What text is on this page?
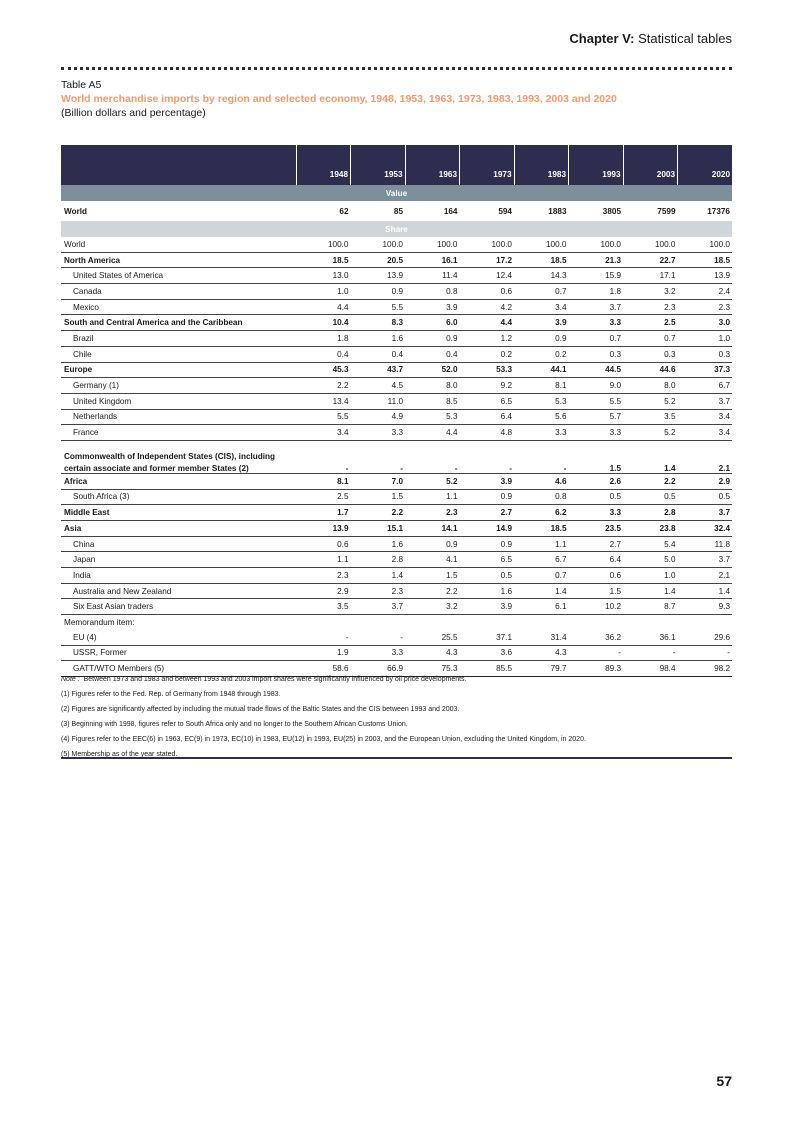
Chapter V: Statistical tables
Table A5
World merchandise imports by region and selected economy, 1948, 1953, 1963, 1973, 1983, 1993, 2003 and 2020
(Billion dollars and percentage)
	1948	1953	1963	1973	1983	1993	2003	2020
Value								
World	62	85	164	594	1883	3805	7599	17376
Share								
World	100.0	100.0	100.0	100.0	100.0	100.0	100.0	100.0
North America	18.5	20.5	16.1	17.2	18.5	21.3	22.7	18.5
United States of America	13.0	13.9	11.4	12.4	14.3	15.9	17.1	13.9
Canada	1.0	0.9	0.8	0.6	0.7	1.8	3.2	2.4
Mexico	4.4	5.5	3.9	4.2	3.4	3.7	2.3	2.3
South and Central America and the Caribbean	10.4	8.3	6.0	4.4	3.9	3.3	2.5	3.0
Brazil	1.8	1.6	0.9	1.2	0.9	0.7	0.7	1.0
Chile	0.4	0.4	0.4	0.2	0.2	0.3	0.3	0.3
Europe	45.3	43.7	52.0	53.3	44.1	44.5	44.6	37.3
Germany (1)	2.2	4.5	8.0	9.2	8.1	9.0	8.0	6.7
United Kingdom	13.4	11.0	8.5	6.5	5.3	5.5	5.2	3.7
Netherlands	5.5	4.9	5.3	6.4	5.6	5.7	3.5	3.4
France	3.4	3.3	4.4	4.8	3.3	3.3	5.2	3.4

Commonwealth of Independent States (CIS), including								
certain associate and former member States (2)	-	-	-	-	-	1.5	1.4	2.1
Africa	8.1	7.0	5.2	3.9	4.6	2.6	2.2	2.9
South Africa (3)	2.5	1.5	1.1	0.9	0.8	0.5	0.5	0.5
Middle East	1.7	2.2	2.3	2.7	6.2	3.3	2.8	3.7
Asia	13.9	15.1	14.1	14.9	18.5	23.5	23.8	32.4
China	0.6	1.6	0.9	0.9	1.1	2.7	5.4	11.8
Japan	1.1	2.8	4.1	6.5	6.7	6.4	5.0	3.7
India	2.3	1.4	1.5	0.5	0.7	0.6	1.0	2.1
Australia and New Zealand	2.9	2.3	2.2	1.6	1.4	1.5	1.4	1.4
Six East Asian traders	3.5	3.7	3.2	3.9	6.1	10.2	8.7	9.3
Memorandum item:								
EU (4)	-	-	25.5	37.1	31.4	36.2	36.1	29.6
USSR, Former	1.9	3.3	4.3	3.6	4.3	-	-	-
GATT/WTO Members (5)	58.6	66.9	75.3	85.5	79.7	89.3	98.4	98.2
Note : Between 1973 and 1983 and between 1993 and 2003 import shares were significantly influenced by oil price developments.
(1) Figures refer to the Fed. Rep. of Germany from 1948 through 1983.
(2) Figures are significantly affected by including the mutual trade flows of the Baltic States and the CIS between 1993 and 2003.
(3) Beginning with 1998, figures refer to South Africa only and no longer to the Southern African Customs Union.
(4) Figures refer to the EEC(6) in 1963, EC(9) in 1973, EC(10) in 1983, EU(12) in 1993, EU(25) in 2003, and the European Union, excluding the United Kingdom, in 2020.
(5) Membership as of the year stated.
57
